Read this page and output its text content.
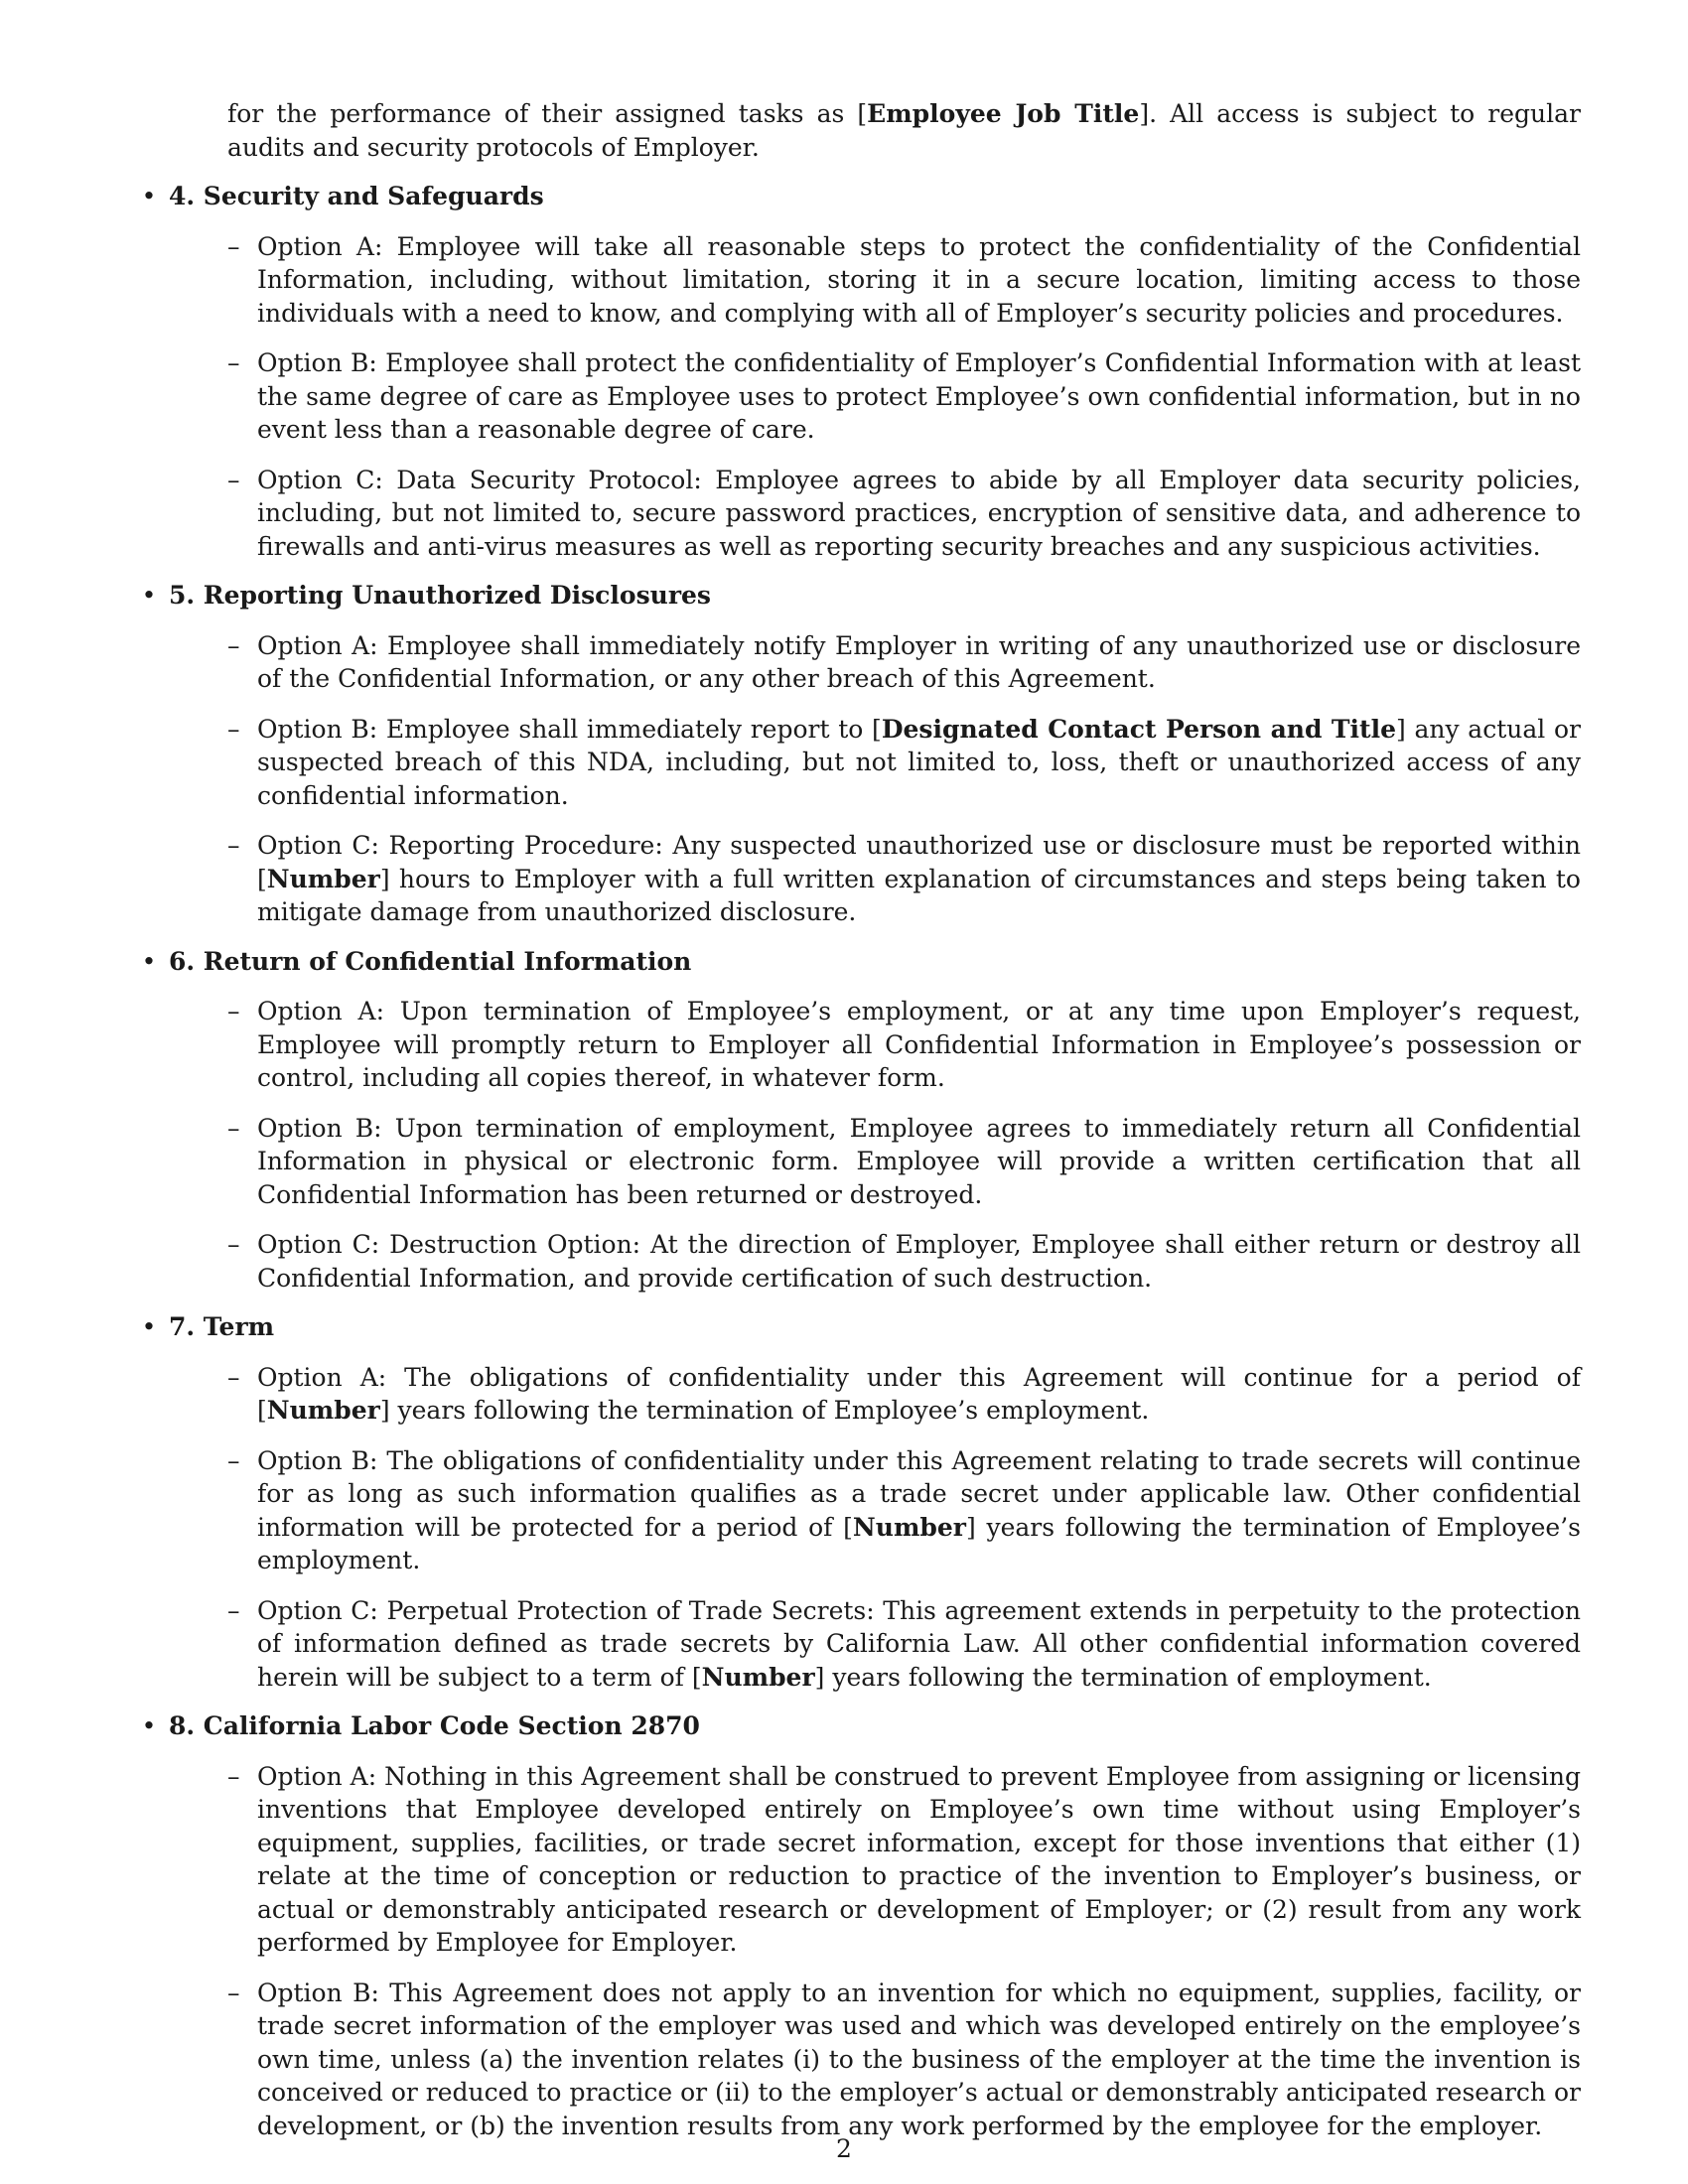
for the performance of their assigned tasks as [Employee Job Title]. All access is subject to regular audits and security protocols of Employer.

• 4. Security and Safeguards

– Option A: Employee will take all reasonable steps to protect the confidentiality of the Confidential Information, including, without limitation, storing it in a secure location, limiting access to those individuals with a need to know, and complying with all of Employer’s security policies and procedures.
– Option B: Employee shall protect the confidentiality of Employer’s Confidential Information with at least the same degree of care as Employee uses to protect Employee’s own confidential information, but in no event less than a reasonable degree of care.
– Option C: Data Security Protocol: Employee agrees to abide by all Employer data security policies, including, but not limited to, secure password practices, encryption of sensitive data, and adherence to firewalls and anti-virus measures as well as reporting security breaches and any suspicious activities.
• 5. Reporting Unauthorized Disclosures

– Option A: Employee shall immediately notify Employer in writing of any unauthorized use or disclosure of the Confidential Information, or any other breach of this Agreement.
– Option B: Employee shall immediately report to [Designated Contact Person and Title] any actual or suspected breach of this NDA, including, but not limited to, loss, theft or unauthorized access of any confidential information.
– Option C: Reporting Procedure: Any suspected unauthorized use or disclosure must be reported within [Number] hours to Employer with a full written explanation of circumstances and steps being taken to mitigate damage from unauthorized disclosure.
• 6. Return of Confidential Information

– Option A: Upon termination of Employee’s employment, or at any time upon Employer’s request, Employee will promptly return to Employer all Confidential Information in Employee’s possession or control, including all copies thereof, in whatever form.
– Option B: Upon termination of employment, Employee agrees to immediately return all Confidential Information in physical or electronic form. Employee will provide a written certification that all Confidential Information has been returned or destroyed.
– Option C: Destruction Option: At the direction of Employer, Employee shall either return or destroy all Confidential Information, and provide certification of such destruction.
• 7. Term

– Option A: The obligations of confidentiality under this Agreement will continue for a period of [Number] years following the termination of Employee’s employment.
– Option B: The obligations of confidentiality under this Agreement relating to trade secrets will continue for as long as such information qualifies as a trade secret under applicable law. Other confidential information will be protected for a period of [Number] years following the termination of Employee’s employment.
– Option C: Perpetual Protection of Trade Secrets: This agreement extends in perpetuity to the protection of information defined as trade secrets by California Law. All other confidential information covered herein will be subject to a term of [Number] years following the termination of employment.
• 8. California Labor Code Section 2870

– Option A: Nothing in this Agreement shall be construed to prevent Employee from assigning or licensing inventions that Employee developed entirely on Employee’s own time without using Employer’s equipment, supplies, facilities, or trade secret information, except for those inventions that either (1) relate at the time of conception or reduction to practice of the invention to Employer’s business, or actual or demonstrably anticipated research or development of Employer; or (2) result from any work performed by Employee for Employer.
– Option B: This Agreement does not apply to an invention for which no equipment, supplies, facility, or trade secret information of the employer was used and which was developed entirely on the employee’s own time, unless (a) the invention relates (i) to the business of the employer at the time the invention is conceived or reduced to practice or (ii) to the employer’s actual or demonstrably anticipated research or development, or (b) the invention results from any work performed by the employee for the employer.
2
